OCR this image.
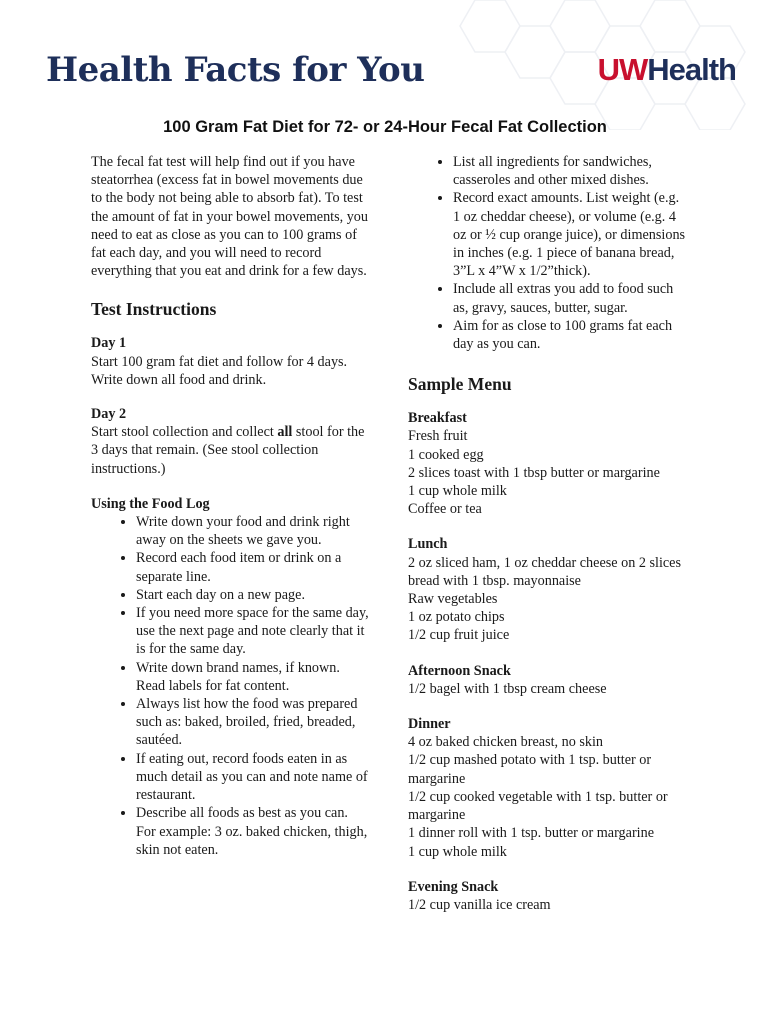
Health Facts for You	UWHealth
100 Gram Fat Diet for 72- or 24-Hour Fecal Fat Collection

The fecal fat test will help find out if you have steatorrhea (excess fat in bowel movements due to the body not being able to absorb fat). To test the amount of fat in your bowel movements, you need to eat as close as you can to 100 grams of fat each day, and you will need to record everything that you eat and drink for a few days.

Test Instructions

Day 1

Start 100 gram fat diet and follow for 4 days. Write down all food and drink.

Day 2

Start stool collection and collect all stool for the 3 days that remain. (See stool collection instructions.)

Using the Food Log

• Write down your food and drink right away on the sheets we gave you.
• Record each food item or drink on a separate line.
• Start each day on a new page.
• If you need more space for the same day, use the next page and note clearly that it is for the same day.
• Write down brand names, if known. Read labels for fat content.
• Always list how the food was prepared such as: baked, broiled, fried, breaded, sautéed.
• If eating out, record foods eaten in as much detail as you can and note name of restaurant.
• Describe all foods as best as you can. For example: 3 oz. baked chicken, thigh, skin not eaten.
• List all ingredients for sandwiches, casseroles and other mixed dishes.
• Record exact amounts. List weight (e.g. 1 oz cheddar cheese), or volume (e.g. 4 oz or ½ cup orange juice), or dimensions in inches (e.g. 1 piece of banana bread, 3”L x 4”W x 1/2”thick).
• Include all extras you add to food such as, gravy, sauces, butter, sugar.
• Aim for as close to 100 grams fat each day as you can.
Sample Menu

Breakfast

Fresh fruit

1 cooked egg

2 slices toast with 1 tbsp butter or margarine

1 cup whole milk

Coffee or tea

Lunch

2 oz sliced ham, 1 oz cheddar cheese on 2 slices bread with 1 tbsp. mayonnaise

Raw vegetables

1 oz potato chips

1/2 cup fruit juice

Afternoon Snack

1/2 bagel with 1 tbsp cream cheese

Dinner

4 oz baked chicken breast, no skin

1/2 cup mashed potato with 1 tsp. butter or margarine

1/2 cup cooked vegetable with 1 tsp. butter or margarine

1 dinner roll with 1 tsp. butter or margarine

1 cup whole milk

Evening Snack

1/2 cup vanilla ice cream
